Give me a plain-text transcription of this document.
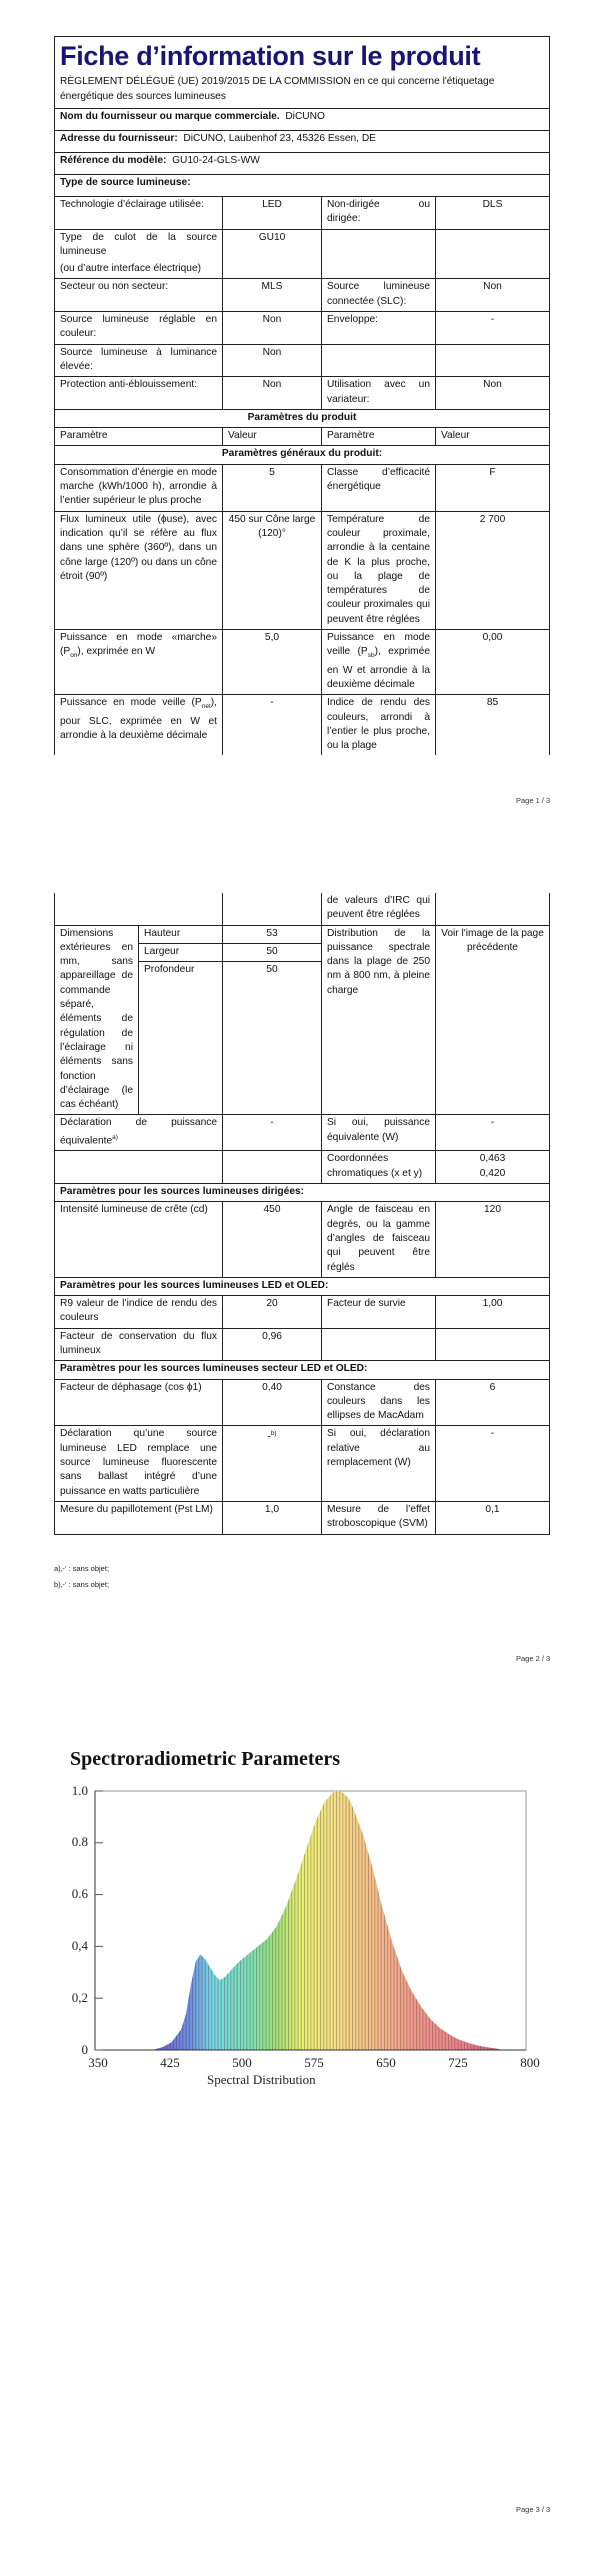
Fiche d’information sur le produit
RÈGLEMENT DÉLÉGUÉ (UE) 2019/2015 DE LA COMMISSION en ce qui concerne l'étiquetage énergétique des sources lumineuses			

Nom du fournisseur ou marque commerciale. DiCUNO			
Adresse du fournisseur: DiCUNO, Laubenhof 23, 45326 Essen, DE			
Référence du modèle: GU10-24-GLS-WW			
Type de source lumineuse:			
Technologie d’éclairage utilisée:	LED	Non-dirigée ou dirigée:	DLS

Type de culot de la source lumineuse
(ou d’autre interface électrique)	GU10		
Secteur ou non secteur:	MLS	Source lumineuse connectée (SLC):	Non
Source lumineuse réglable en couleur:	Non	Enveloppe:	-
Source lumineuse à luminance élevée:	Non		
Protection anti-éblouissement:	Non	Utilisation avec un variateur:	Non
Paramètres du produit			
Paramètre	Valeur	Paramètre	Valeur
Paramètres généraux du produit:			
Consommation d’énergie en mode marche (kWh/1000 h), arrondie à l’entier supérieur le plus proche	5	Classe d’efficacité énergétique	F
Flux lumineux utile (ϕuse), avec indication qu’il se réfère au flux dans une sphère (360º), dans un cône large (120º) ou dans un cône étroit (90º)	450 sur Cône large (120)°	Température de couleur proximale, arrondie à la centaine de K la plus proche, ou la plage de températures de couleur proximales qui peuvent être réglées	2 700
Puissance en mode «marche» $(P_{on})$, exprimée en W	5,0	Puissance en mode veille $(P_{sb})$, exprimée en W et arrondie à la deuxième décimale	0,00
Puissance en mode veille $(P_{net})$, pour SLC, exprimée en W et arrondie à la deuxième décimale	-	Indice de rendu des couleurs, arrondi à l’entier le plus proche, ou la plage	85
Page 1 / 3
			de valeurs d’IRC qui peuvent être réglées	
Dimensions extérieures en mm, sans appareillage de commande séparé, éléments de régulation de l’éclairage ni éléments sans fonction d’éclairage (le cas échéant)	Hauteur	53	Distribution de la puissance spectrale dans la plage de 250 nm à 800 nm, à pleine charge	Voir l'image de la page précédente
	Largeur	50		
	Profondeur	50		
Déclaration de puissance équivalente$^{a)}$		-	Si oui, puissance équivalente (W)	-
			Coordonnées chromatiques (x et y)	0,463
0,420

Paramètres pour les sources lumineuses dirigées:				
Intensité lumineuse de crête (cd)		450	Angle de faisceau en degrés, ou la gamme d’angles de faisceau qui peuvent être réglés	120
Paramètres pour les sources lumineuses LED et OLED:				
R9 valeur de l’indice de rendu des couleurs		20	Facteur de survie	1,00
Facteur de conservation du flux lumineux		0,96		
Paramètres pour les sources lumineuses secteur LED et OLED:				
Facteur de déphasage (cos ϕ1)		0,40	Constance des couleurs dans les ellipses de MacAdam	6
Déclaration qu’une source lumineuse LED remplace une source lumineuse fluorescente sans ballast intégré d’une puissance en watts particulière		-$^{b)}$	Si oui, déclaration relative au remplacement (W)	-
Mesure du papillotement (Pst LM)		1,0	Mesure de l’effet stroboscopique (SVM)	0,1
a)‚-‘ : sans objet;
b)‚-‘ : sans objet;
Page 2 / 3
Spectroradiometric Parameters
0
0,2
0,4
0.6
0.8
1.0
350	425	500	575	650	725	800
Spectral Distribution
Page 3 / 3
